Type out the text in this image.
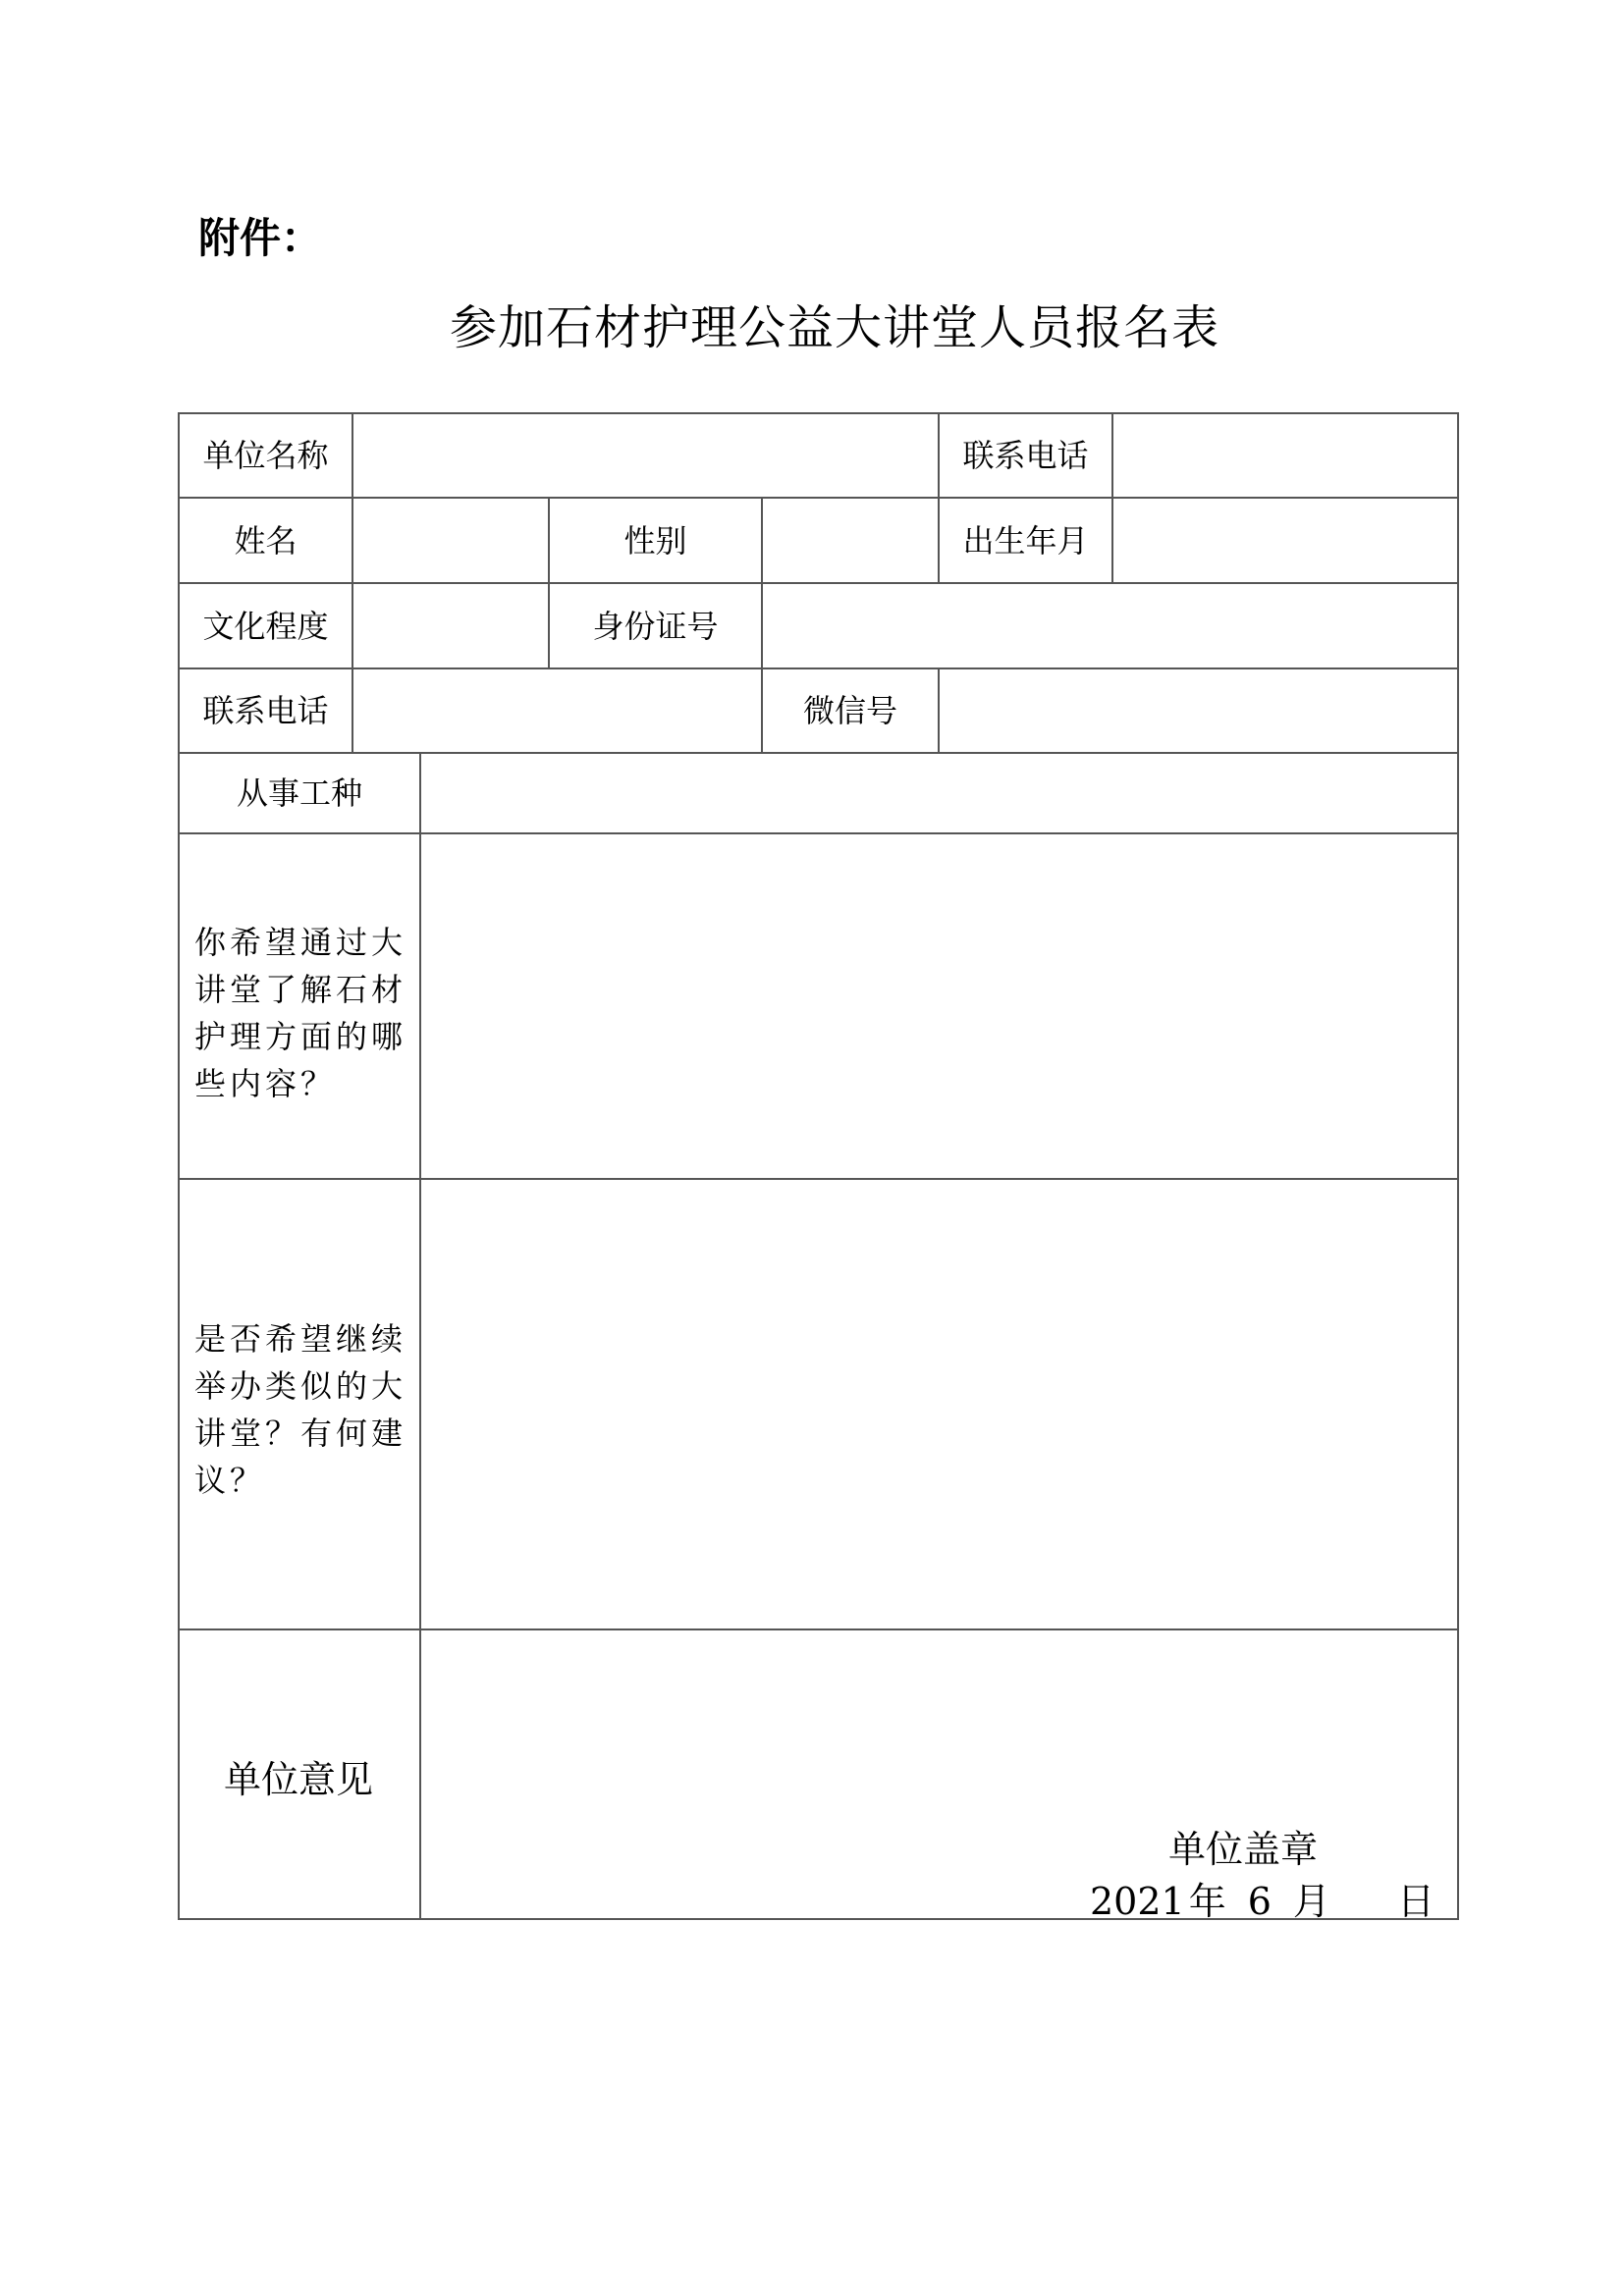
附件：
参加石材护理公益大讲堂人员报名表
单位名称	联系电话
姓名	性别	出生年月
文化程度	身份证号
联系电话	微信号
从事工种
你希望通过大
讲堂了解石材
护理方面的哪
些内容？
是否希望继续
举办类似的大
讲堂？有何建
议？
单位意见
单位盖章
2021 年 6 月 日
